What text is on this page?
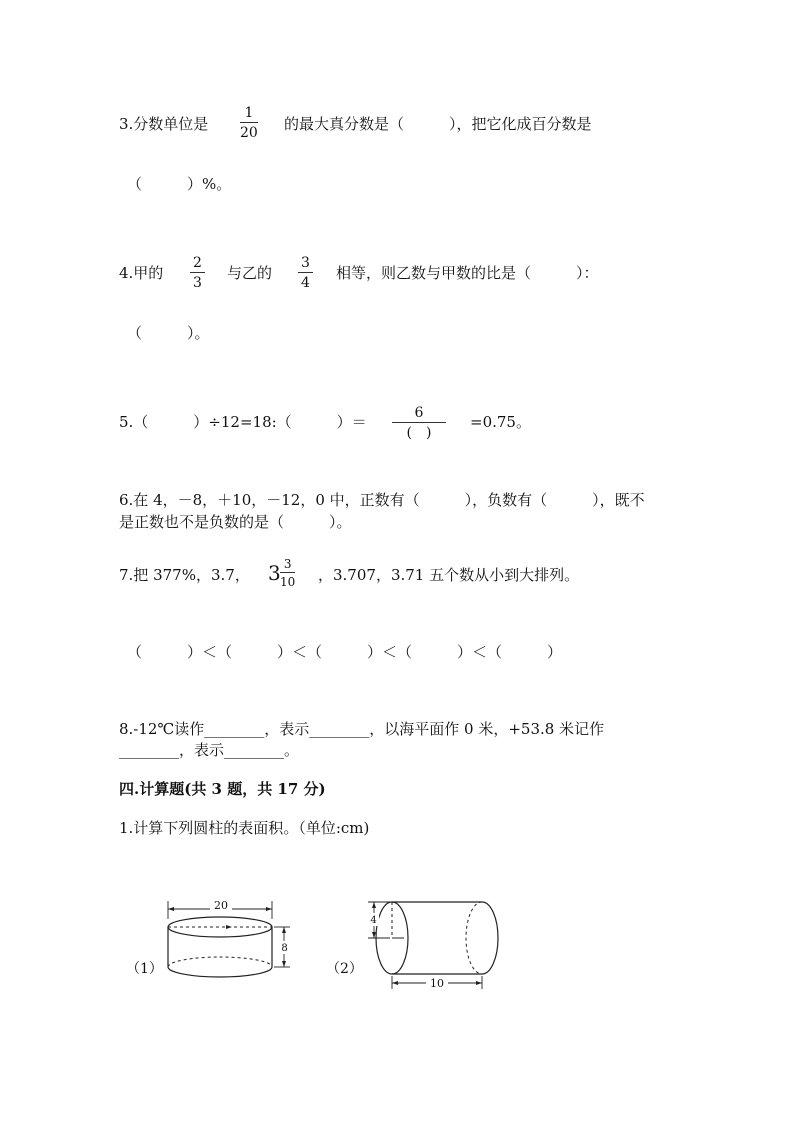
3.分数单位是
1
20 的最大真分数是（　　　），把它化成百分数是
（　　　）%。
4.甲的
2
3
与乙的
3
4
相等，则乙数与甲数的比是（　　　）：
（　　　）。
5.（　　　）÷12=18:（　　　）＝	6
(　)
=0.75。
6.在 4，－8，＋10，－12，0 中，正数有（　　　），负数有（　　　），既不
是正数也不是负数的是（　　　）。
7.把 377%，3.7， 3 3
10 ，3.707，3.71 五个数从小到大排列。
（　　　）＜（　　　）＜（　　　）＜（　　　）＜（　　　）
8.-12℃读作________，表示________，以海平面作 0 米，+53.8 米记作
________，表示________。
四.计算题(共 3 题，共 17 分)
1.计算下列圆柱的表面积。（单位:cm)
（1）
20
8
（2）
4
10
